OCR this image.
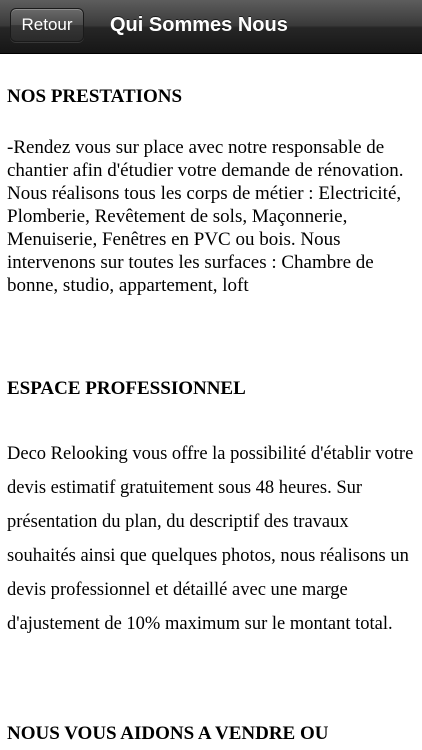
Retour	Qui Sommes Nous
NOS PRESTATIONS

-Rendez vous sur place avec notre responsable de chantier afin d'étudier votre demande de rénovation. Nous réalisons tous les corps de métier : Electricité, Plomberie, Revêtement de sols, Maçonnerie, Menuiserie, Fenêtres en PVC ou bois. Nous intervenons sur toutes les surfaces : Chambre de bonne, studio, appartement, loft

ESPACE PROFESSIONNEL

Deco Relooking vous offre la possibilité d'établir votre devis estimatif gratuitement sous 48 heures. Sur présentation du plan, du descriptif des travaux souhaités ainsi que quelques photos, nous réalisons un devis professionnel et détaillé avec une marge d'ajustement de 10% maximum sur le montant total.

NOUS VOUS AIDONS A VENDRE OU
